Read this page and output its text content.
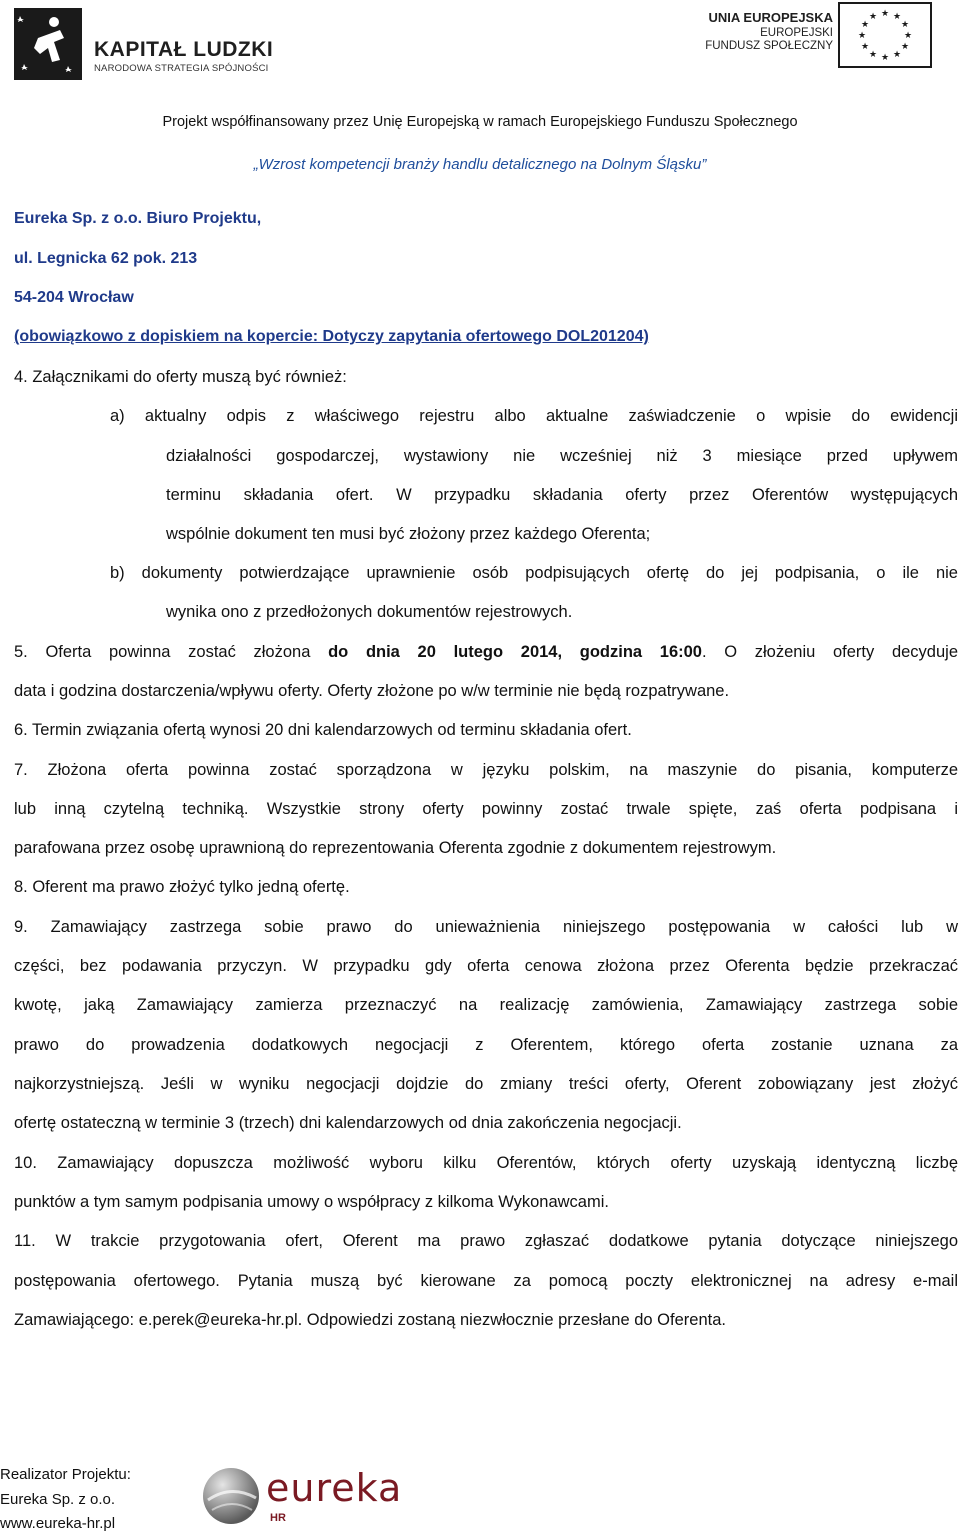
KAPITAŁ LUDZKI
NARODOWA STRATEGIA SPÓJNOŚCI
UNIA EUROPEJSKA
EUROPEJSKI
FUNDUSZ SPOŁECZNY
★ ★
★
★
★
★
★
★
★
★
★
★
Projekt współfinansowany przez Unię Europejską w ramach Europejskiego Funduszu Społecznego
„Wzrost kompetencji branży handlu detalicznego na Dolnym Śląsku”
Eureka Sp. z o.o. Biuro Projektu,
ul. Legnicka 62 pok. 213
54-204 Wrocław
(obowiązkowo z dopiskiem na kopercie: Dotyczy zapytania ofertowego DOL201204)
4. Załącznikami do oferty muszą być również:
a) aktualny odpis z właściwego rejestru albo aktualne zaświadczenie o wpisie do ewidencji
działalności gospodarczej, wystawiony nie wcześniej niż 3 miesiące przed upływem
terminu składania ofert. W przypadku składania oferty przez Oferentów występujących
wspólnie dokument ten musi być złożony przez każdego Oferenta;
b) dokumenty potwierdzające uprawnienie osób podpisujących ofertę do jej podpisania, o ile nie
wynika ono z przedłożonych dokumentów rejestrowych.
5. Oferta powinna zostać złożona do dnia 20 lutego 2014, godzina 16:00. O złożeniu oferty decyduje
data i godzina dostarczenia/wpływu oferty. Oferty złożone po w/w terminie nie będą rozpatrywane.
6. Termin związania ofertą wynosi 20 dni kalendarzowych od terminu składania ofert.
7. Złożona oferta powinna zostać sporządzona w języku polskim, na maszynie do pisania, komputerze
lub inną czytelną techniką. Wszystkie strony oferty powinny zostać trwale spięte, zaś oferta podpisana i
parafowana przez osobę uprawnioną do reprezentowania Oferenta zgodnie z dokumentem rejestrowym.
8. Oferent ma prawo złożyć tylko jedną ofertę.
9. Zamawiający zastrzega sobie prawo do unieważnienia niniejszego postępowania w całości lub w
części, bez podawania przyczyn. W przypadku gdy oferta cenowa złożona przez Oferenta będzie przekraczać
kwotę, jaką Zamawiający zamierza przeznaczyć na realizację zamówienia, Zamawiający zastrzega sobie
prawo do prowadzenia dodatkowych negocjacji z Oferentem, którego oferta zostanie uznana za
najkorzystniejszą. Jeśli w wyniku negocjacji dojdzie do zmiany treści oferty, Oferent zobowiązany jest złożyć
ofertę ostateczną w terminie 3 (trzech) dni kalendarzowych od dnia zakończenia negocjacji.
10. Zamawiający dopuszcza możliwość wyboru kilku Oferentów, których oferty uzyskają identyczną liczbę
punktów a tym samym podpisania umowy o współpracy z kilkoma Wykonawcami.
11. W trakcie przygotowania ofert, Oferent ma prawo zgłaszać dodatkowe pytania dotyczące niniejszego
postępowania ofertowego. Pytania muszą być kierowane za pomocą poczty elektronicznej na adresy e-mail
Zamawiającego: e.perek@eureka-hr.pl. Odpowiedzi zostaną niezwłocznie przesłane do Oferenta.
Realizator Projektu:
Eureka Sp. z o.o.
www.eureka-hr.pl
eureka
HR
